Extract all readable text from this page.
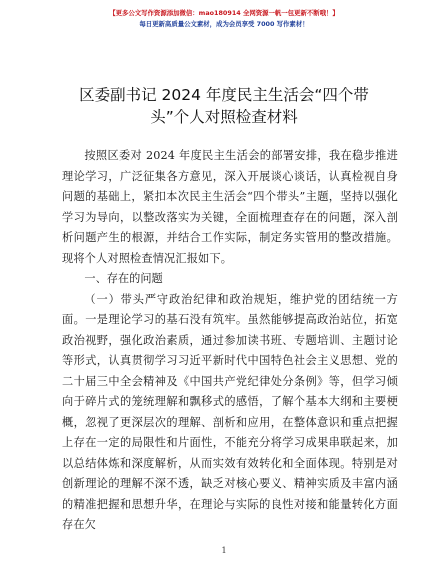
【更多公文写作资源添加微信：mao180914 全网资源一帆一包更新不断哦！】
每日更新高质量公文素材，成为会员享受 7000 写作素材！
区委副书记 2024 年度民主生活会“四个带
头”个人对照检查材料

按照区委对 2024 年度民主生活会的部署安排，我在稳步推进理论学习，广泛征集各方意见，深入开展谈心谈话，认真检视自身问题的基础上，紧扣本次民主生活会“四个带头”主题，坚持以强化学习为导向，以整改落实为关键，全面梳理查存在的问题，深入剖析问题产生的根源，并结合工作实际，制定务实管用的整改措施。现将个人对照检查情况汇报如下。

一、存在的问题

（一）带头严守政治纪律和政治规矩，维护党的团结统一方面。一是理论学习的基石没有筑牢。虽然能够提高政治站位，拓宽政治视野，强化政治素质，通过参加读书班、专题培训、主题讨论等形式，认真贯彻学习习近平新时代中国特色社会主义思想、党的二十届三中全会精神及《中国共产党纪律处分条例》等，但学习倾向于碎片式的笼统理解和飘移式的感悟，了解个基本大纲和主要梗概，忽视了更深层次的理解、剖析和应用，在整体意识和重点把握上存在一定的局限性和片面性，不能充分将学习成果串联起来，加以总结体炼和深度解析，从而实效有效转化和全面体现。特别是对创新理论的理解不深不透，缺乏对核心要义、精神实质及丰富内涵的精准把握和思想升华，在理论与实际的良性对接和能量转化方面存在欠

1
